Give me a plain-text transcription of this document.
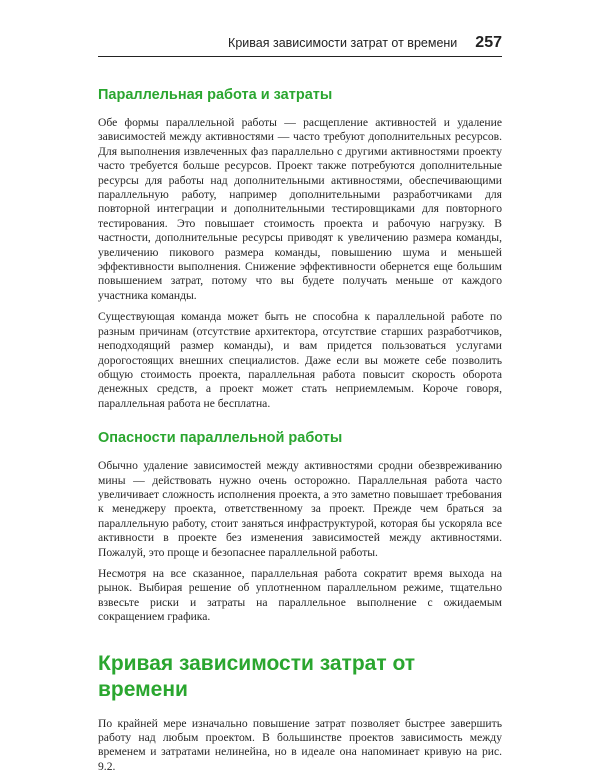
Кривая зависимости затрат от времени 257
Параллельная работа и затраты

Обе формы параллельной работы — расщепление активностей и удаление зависимостей между активностями — часто требуют дополнительных ресурсов. Для выполнения извлеченных фаз параллельно с другими активностями проекту часто требуется больше ресурсов. Проект также потребуются дополнительные ресурсы для работы над дополнительными активностями, обеспечивающими параллельную работу, например дополнительными разработчиками для повторной интеграции и дополнительными тестировщиками для повторного тестирования. Это повышает стоимость проекта и рабочую нагрузку. В частности, дополнительные ресурсы приводят к увеличению размера команды, увеличению пикового размера команды, повышению шума и меньшей эффективности выполнения. Снижение эффективности обернется еще большим повышением затрат, потому что вы будете получать меньше от каждого участника команды.

Существующая команда может быть не способна к параллельной работе по разным причинам (отсутствие архитектора, отсутствие старших разработчиков, неподходящий размер команды), и вам придется пользоваться услугами дорогостоящих внешних специалистов. Даже если вы можете себе позволить общую стоимость проекта, параллельная работа повысит скорость оборота денежных средств, а проект может стать неприемлемым. Короче говоря, параллельная работа не бесплатна.

Опасности параллельной работы

Обычно удаление зависимостей между активностями сродни обезвреживанию мины — действовать нужно очень осторожно. Параллельная работа часто увеличивает сложность исполнения проекта, а это заметно повышает требования к менеджеру проекта, ответственному за проект. Прежде чем браться за параллельную работу, стоит заняться инфраструктурой, которая бы ускоряла все активности в проекте без изменения зависимостей между активностями. Пожалуй, это проще и безопаснее параллельной работы.

Несмотря на все сказанное, параллельная работа сократит время выхода на рынок. Выбирая решение об уплотненном параллельном режиме, тщательно взвесьте риски и затраты на параллельное выполнение с ожидаемым сокращением графика.

Кривая зависимости затрат от времени

По крайней мере изначально повышение затрат позволяет быстрее завершить работу над любым проектом. В большинстве проектов зависимость между временем и затратами нелинейна, но в идеале она напоминает кривую на рис. 9.2.
